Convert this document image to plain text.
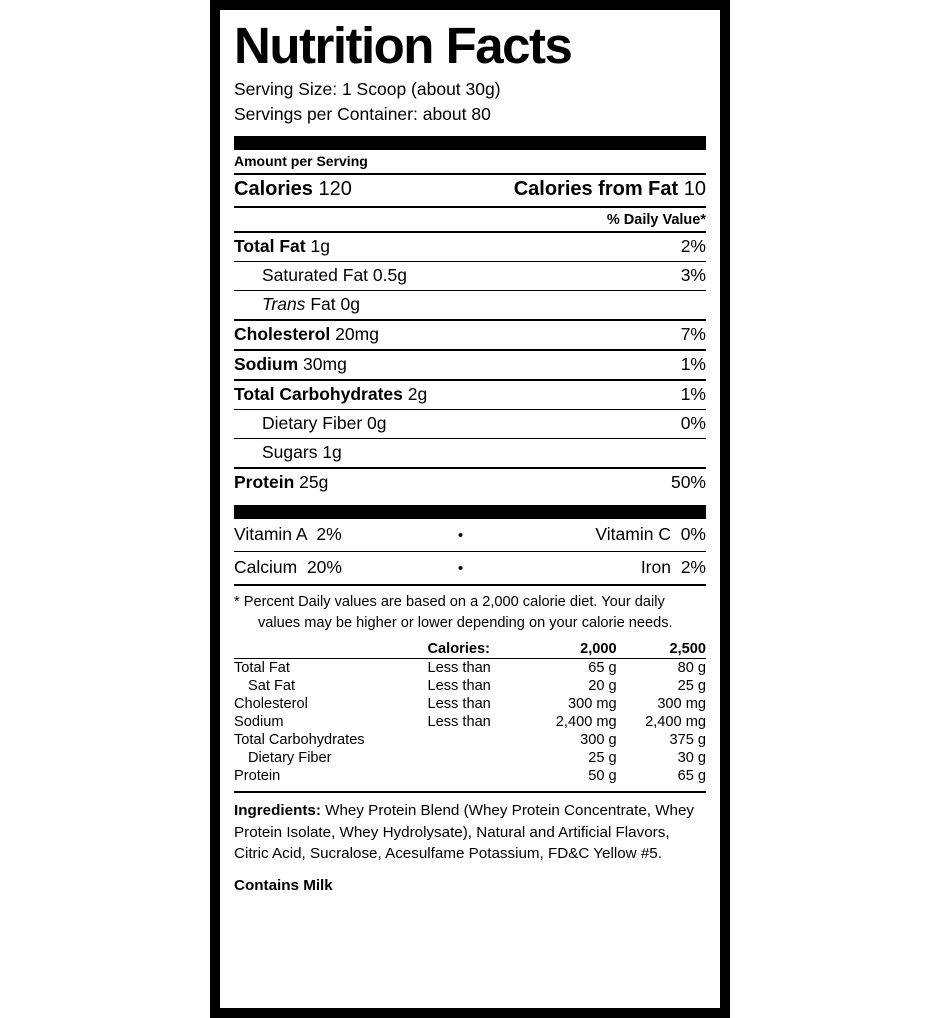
Nutrition Facts
Serving Size: 1 Scoop (about 30g)
Servings per Container: about 80
Amount per Serving
Calories 120	Calories from Fat 10
% Daily Value*
Total Fat 1g	2%
Saturated Fat 0.5g	3%
Trans Fat 0g
Cholesterol 20mg	7%
Sodium 30mg	1%
Total Carbohydrates 2g	1%
Dietary Fiber 0g	0%
Sugars 1g
Protein 25g	50%
Vitamin A 2%	•	Vitamin C 0%
Calcium 20%	•	Iron 2%
* Percent Daily values are based on a 2,000 calorie diet. Your daily
values may be higher or lower depending on your calorie needs.
	Calories:	2,000	2,500
Total Fat	Less than	65 g	80 g
Sat Fat	Less than	20 g	25 g
Cholesterol	Less than	300 mg	300 mg
Sodium	Less than	2,400 mg	2,400 mg
Total Carbohydrates		300 g	375 g
Dietary Fiber		25 g	30 g
Protein		50 g	65 g
Ingredients: Whey Protein Blend (Whey Protein Concentrate, Whey Protein Isolate, Whey Hydrolysate), Natural and Artificial Flavors, Citric Acid, Sucralose, Acesulfame Potassium, FD&C Yellow #5.
Contains Milk
